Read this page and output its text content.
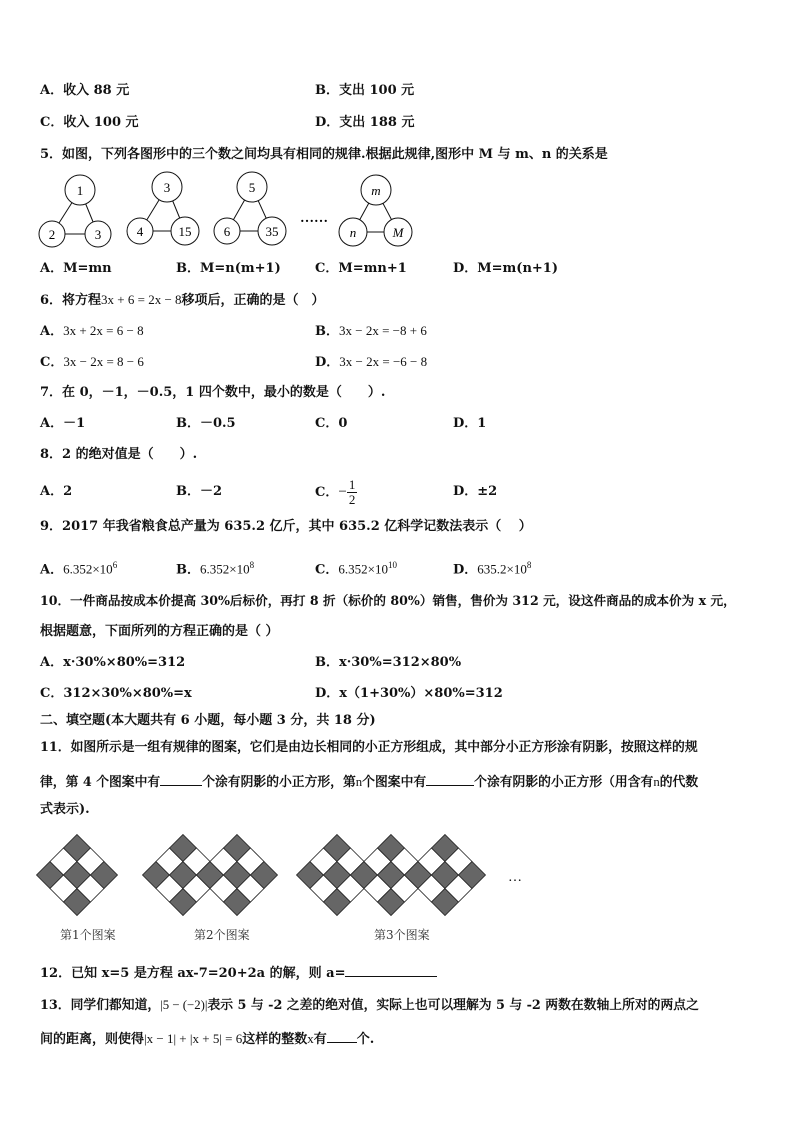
A．收入 88 元	B．支出 100 元
C．收入 100 元	D．支出 188 元
5．如图，下列各图形中的三个数之间均具有相同的规律.根据此规律,图形中 M 与 m、n 的关系是
1
2	3
3
4	15
5
6	35
……
m
n	M
A．M=mn	B．M=n(m+1)	C．M=mn+1	D．M=m(n+1)
6．将方程3x + 6 = 2x − 8移项后，正确的是（　）
A．3x + 2x = 6 − 8	B．3x − 2x = −8 + 6
C．3x − 2x = 8 − 6	D．3x − 2x = −6 − 8
7．在 0，－1，－0.5，1 四个数中，最小的数是（　　）.
A．－1	B．－0.5	C．0	D．1
8．2 的绝对值是（　　）.
A．2	B．－2	C．− $\frac{1}{2}$	D．±2
9．2017 年我省粮食总产量为 635.2 亿斤，其中 635.2 亿科学记数法表示（　 ）
A．$6.352\times 10^6$	B．$6.352\times 10^8$	C．$6.352\times 10^{10}$	D．$635.2\times 10^8$
10．一件商品按成本价提高 30%后标价，再打 8 折（标价的 80%）销售，售价为 312 元，设这件商品的成本价为 x 元，
根据题意，下面所列的方程正确的是（ ）
A．x·30%×80%=312	B．x·30%=312×80%
C．312×30%×80%=x	D．x（1+30%）×80%=312
二、填空题(本大题共有 6 小题，每小题 3 分，共 18 分)
11．如图所示是一组有规律的图案，它们是由边长相同的小正方形组成，其中部分小正方形涂有阴影，按照这样的规
律，第 4 个图案中有	个涂有阴影的小正方形，第n个图案中有	个涂有阴影的小正方形（用含有n的代数
式表示).
…
第1个图案	第2个图案	第3个图案
12．已知 x=5 是方程 ax-7=20+2a 的解，则 a=
13．同学们都知道，|5 − (−2)|表示 5 与 -2 之差的绝对值，实际上也可以理解为 5 与 -2 两数在数轴上所对的两点之
间的距离，则使得|x − 1| + |x + 5| = 6这样的整数x有 个.
